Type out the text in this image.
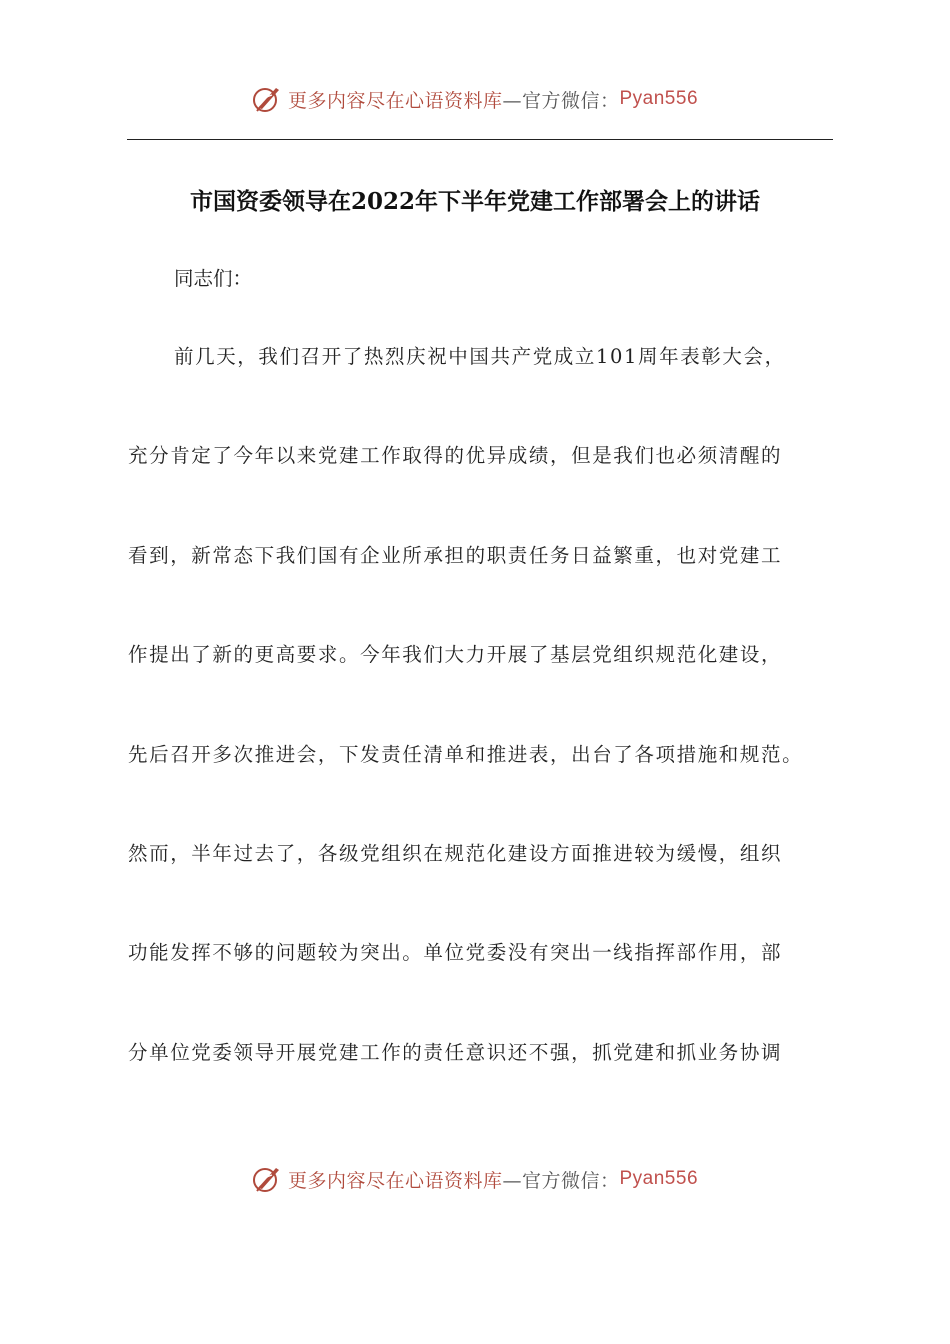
更多内容尽在心语资料库 —官方微信： Pyan556
市国资委领导在2022年下半年党建工作部署会上的讲话
同志们：
前几天，我们召开了热烈庆祝中国共产党成立101周年表彰大会，
充分肯定了今年以来党建工作取得的优异成绩，但是我们也必须清醒的
看到，新常态下我们国有企业所承担的职责任务日益繁重，也对党建工
作提出了新的更高要求。今年我们大力开展了基层党组织规范化建设，
先后召开多次推进会，下发责任清单和推进表，出台了各项措施和规范。
然而，半年过去了，各级党组织在规范化建设方面推进较为缓慢，组织
功能发挥不够的问题较为突出。单位党委没有突出一线指挥部作用，部
分单位党委领导开展党建工作的责任意识还不强，抓党建和抓业务协调
更多内容尽在心语资料库 —官方微信： Pyan556
